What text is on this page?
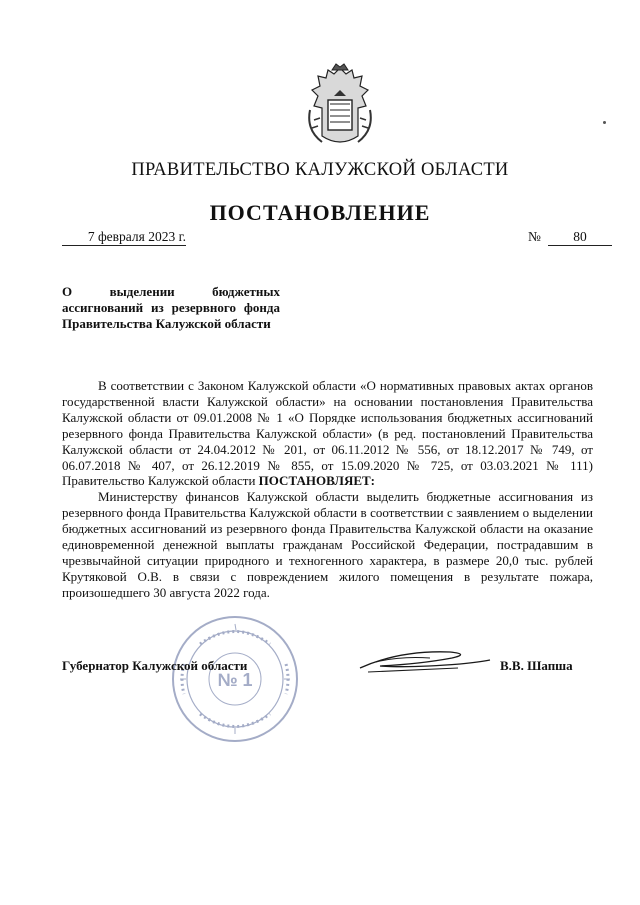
ПРАВИТЕЛЬСТВО КАЛУЖСКОЙ ОБЛАСТИ
ПОСТАНОВЛЕНИЕ
7 февраля 2023 г.	№	80
О выделении бюджетных ассигнований из резервного фонда Правительства Калужской области

В соответствии с Законом Калужской области «О нормативных правовых актах органов государственной власти Калужской области» на основании постановления Правительства Калужской области от 09.01.2008 № 1 «О Порядке использования бюджетных ассигнований резервного фонда Правительства Калужской области» (в ред. постановлений Правительства Калужской области от 24.04.2012 № 201, от 06.11.2012 № 556, от 18.12.2017 № 749, от 06.07.2018 № 407, от 26.12.2019 № 855, от 15.09.2020 № 725, от 03.03.2021 № 111) Правительство Калужской области ПОСТАНОВЛЯЕТ:

Министерству финансов Калужской области выделить бюджетные ассигнования из резервного фонда Правительства Калужской области в соответствии с заявлением о выделении бюджетных ассигнований из резервного фонда Правительства Калужской области на оказание единовременной денежной выплаты гражданам Российской Федерации, пострадавшим в чрезвычайной ситуации природного и техногенного характера, в размере 20,0 тыс. рублей Крутяковой О.В. в связи с повреждением жилого помещения в результате пожара, произошедшего 30 августа 2022 года.

№ 1
Губернатор Калужской области	В.В. Шапша
